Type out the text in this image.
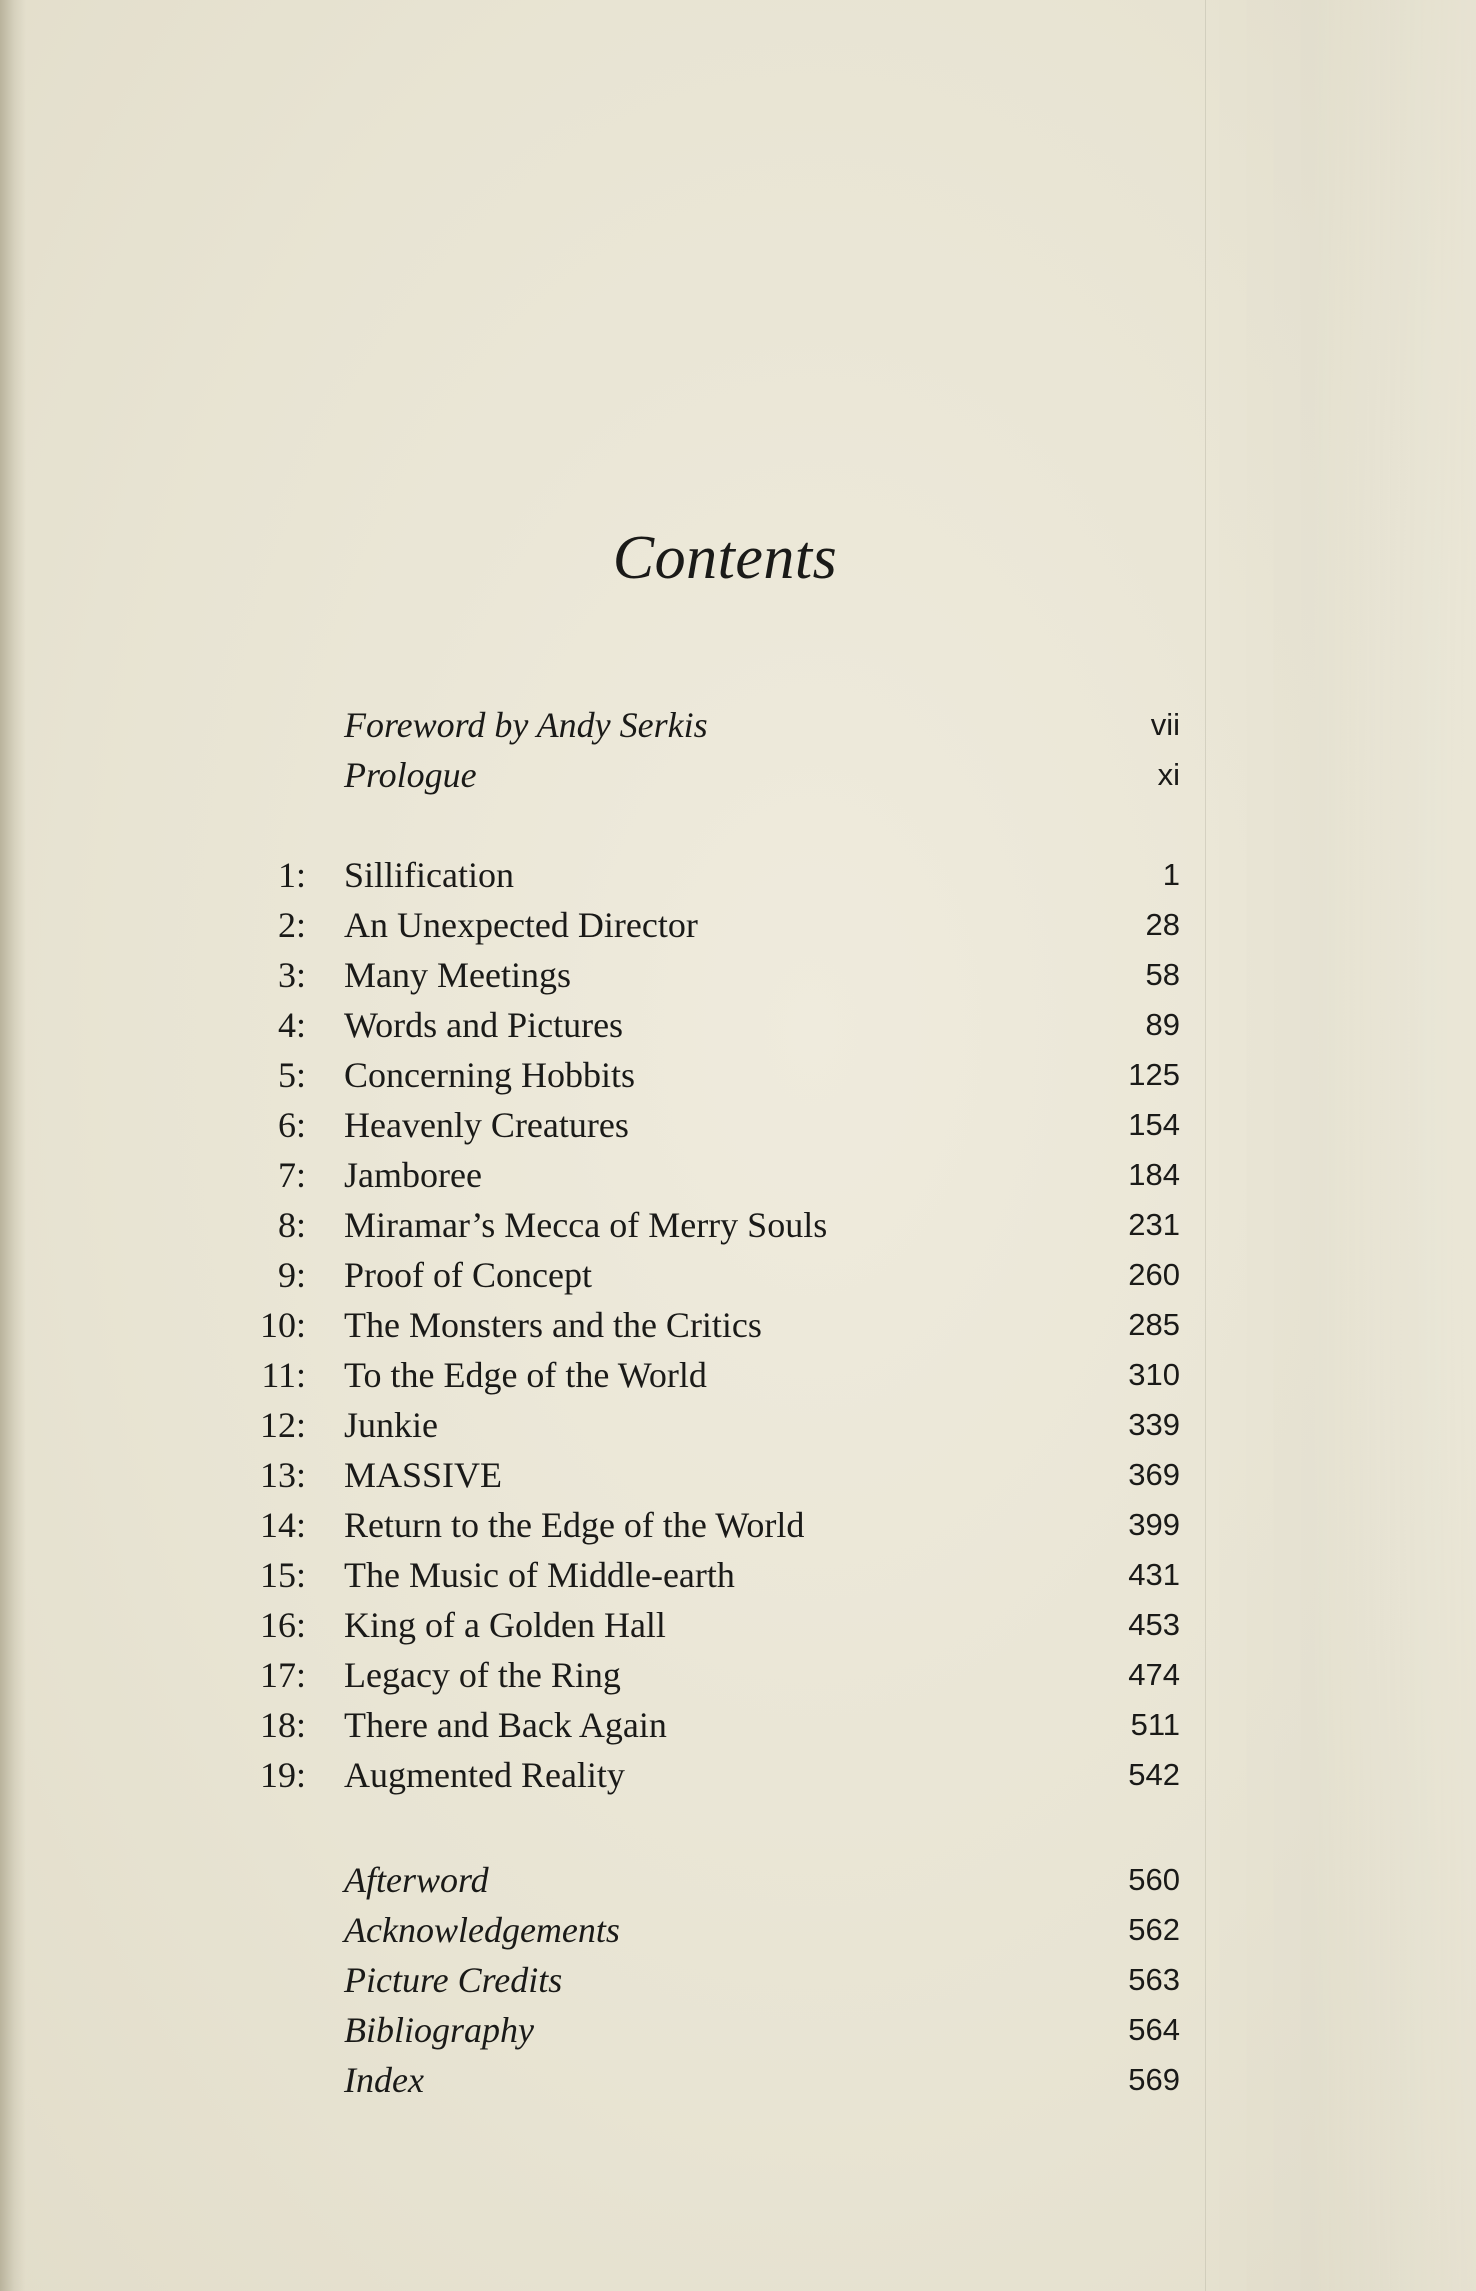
Contents
Foreword by Andy Serkis	vii
Prologue	xi
1: Sillification	1
2: An Unexpected Director	28
3: Many Meetings	58
4: Words and Pictures	89
5: Concerning Hobbits	125
6: Heavenly Creatures	154
7: Jamboree	184
8: Miramar’s Mecca of Merry Souls	231
9: Proof of Concept	260
10: The Monsters and the Critics	285
11: To the Edge of the World	310
12: Junkie	339
13: MASSIVE	369
14: Return to the Edge of the World	399
15: The Music of Middle-earth	431
16: King of a Golden Hall	453
17: Legacy of the Ring	474
18: There and Back Again	511
19: Augmented Reality	542
Afterword	560
Acknowledgements	562
Picture Credits	563
Bibliography	564
Index	569
